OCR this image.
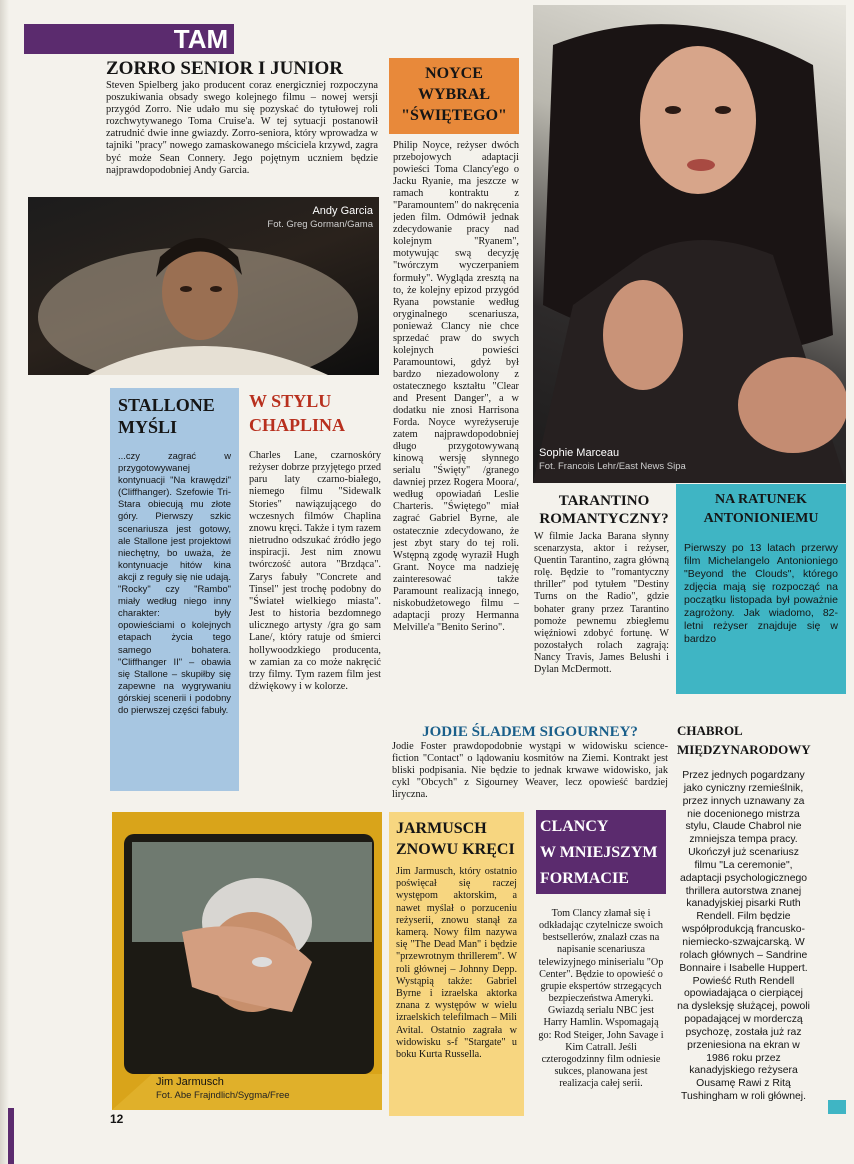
TAM
ZORRO SENIOR I JUNIOR
Steven Spielberg jako producent coraz energiczniej rozpoczyna poszukiwania obsady swego kolejnego filmu – nowej wersji przygód Zorro. Nie udało mu się pozyskać do tytułowej roli rozchwytywanego Toma Cruise'a. W tej sytuacji postanowił zatrudnić dwie inne gwiazdy. Zorro-seniora, który wprowadza w tajniki "pracy" nowego zamaskowanego mściciela krzywd, zagra być może Sean Connery. Jego pojętnym uczniem będzie najprawdopodobniej Andy Garcia.
Andy Garcia
Fot. Greg Gorman/Gama
NOYCE
WYBRAŁ
"ŚWIĘTEGO"
Philip Noyce, reżyser dwóch przebojowych adaptacji powieści Toma Clancy'ego o Jacku Ryanie, ma jeszcze w ramach kontraktu z "Paramountem" do nakręcenia jeden film. Odmówił jednak zdecydowanie pracy nad kolejnym "Ryanem", motywując swą decyzję "twórczym wyczerpaniem formuły". Wygląda zresztą na to, że kolejny epizod przygód Ryana powstanie według oryginalnego scenariusza, ponieważ Clancy nie chce sprzedać praw do swych kolejnych powieści Paramountowi, gdyż był bardzo niezadowolony z ostatecznego kształtu "Clear and Present Danger", a w dodatku nie znosi Harrisona Forda. Noyce wyreżyseruje zatem najprawdopodobniej długo przygotowywaną kinową wersję słynnego serialu "Święty" /granego dawniej przez Rogera Moora/, według opowiadań Leslie Charteris. "Świętego" miał zagrać Gabriel Byrne, ale ostatecznie zdecydowano, że jest zbyt stary do tej roli. Wstępną zgodę wyraził Hugh Grant. Noyce ma nadzieję zainteresować także Paramount realizacją innego, niskobudżetowego filmu – adaptacji prozy Hermanna Melville'a "Benito Serino".
Sophie Marceau
Fot. Francois Lehr/East News Sipa
STALLONE
MYŚLI
...czy zagrać w przygotowywanej kontynuacji "Na krawędzi" (Cliffhanger). Szefowie Tri-Stara obiecują mu złote góry. Pierwszy szkic scenariusza jest gotowy, ale Stallone jest projektowi niechętny, bo uważa, że kontynuacje hitów kina akcji z reguły się nie udają. "Rocky" czy "Rambo" miały według niego inny charakter: były opowieściami o kolejnych etapach życia tego samego bohatera. "Cliffhanger II" – obawia się Stallone – skupiłby się zapewne na wygrywaniu górskiej scenerii i podobny do pierwszej części fabuły.
W STYLU
CHAPLINA
Charles Lane, czarnoskóry reżyser dobrze przyjętego przed paru laty czarno-białego, niemego filmu "Sidewalk Stories" nawiązującego do wczesnych filmów Chaplina znowu kręci. Także i tym razem nietrudno odszukać źródło jego inspiracji. Jest nim znowu twórczość autora "Brzdąca". Zarys fabuły "Concrete and Tinsel" jest trochę podobny do "Świateł wielkiego miasta". Jest to historia bezdomnego ulicznego artysty /gra go sam Lane/, który ratuje od śmierci hollywoodzkiego producenta, w zamian za co może nakręcić trzy filmy. Tym razem film jest dźwiękowy i w kolorze.
TARANTINO
ROMANTYCZNY?
W filmie Jacka Barana słynny scenarzysta, aktor i reżyser, Quentin Tarantino, zagra główną rolę. Będzie to "romantyczny thriller" pod tytułem "Destiny Turns on the Radio", gdzie bohater grany przez Tarantino pomoże pewnemu zbiegłemu więźniowi zdobyć fortunę. W pozostałych rolach zagrają: Nancy Travis, James Belushi i Dylan McDermott.
NA RATUNEK
ANTONIONIEMU
Pierwszy po 13 latach przerwy film Michelangelo Antonioniego "Beyond the Clouds", którego zdjęcia mają się rozpocząć na początku listopada był poważnie zagrożony. Jak wiadomo, 82-letni reżyser znajduje się w bardzo
JODIE ŚLADEM SIGOURNEY?
Jodie Foster prawdopodobnie wystąpi w widowisku science-fiction "Contact" o lądowaniu kosmitów na Ziemi. Kontrakt jest bliski podpisania. Nie będzie to jednak krwawe widowisko, jak cykl "Obcych" z Sigourney Weaver, lecz opowieść bardziej liryczna.
CHABROL
MIĘDZYNARODOWY
Przez jednych pogardzany jako cyniczny rzemieślnik, przez innych uznawany za nie docenionego mistrza stylu, Claude Chabrol nie zmniejsza tempa pracy. Ukończył już scenariusz filmu "La ceremonie", adaptacji psychologicznego thrillera autorstwa znanej kanadyjskiej pisarki Ruth Rendell. Film będzie współprodukcją francusko-niemiecko-szwajcarską. W rolach głównych – Sandrine Bonnaire i Isabelle Huppert. Powieść Ruth Rendell opowiadająca o cierpiącej na dysleksję służącej, powoli popadającej w morderczą psychozę, została już raz przeniesiona na ekran w 1986 roku przez kanadyjskiego reżysera Ousamę Rawi z Ritą Tushingham w roli głównej.
Jim Jarmusch
Fot. Abe Frajndlich/Sygma/Free
JARMUSCH
ZNOWU KRĘCI
Jim Jarmusch, który ostatnio poświęcał się raczej występom aktorskim, a nawet myślał o porzuceniu reżyserii, znowu stanął za kamerą. Nowy film nazywa się "The Dead Man" i będzie "przewrotnym thrillerem". W roli głównej – Johnny Depp. Wystąpią także: Gabriel Byrne i izraelska aktorka znana z występów w wielu izraelskich telefilmach – Mili Avital. Ostatnio zagrała w widowisku s-f "Stargate" u boku Kurta Russella.
CLANCY
W MNIEJSZYM
FORMACIE
Tom Clancy złamał się i odkładając czytelnicze swoich bestsellerów, znalazł czas na napisanie scenariusza telewizyjnego miniserialu "Op Center". Będzie to opowieść o grupie ekspertów strzegących bezpieczeństwa Ameryki. Gwiazdą serialu NBC jest Harry Hamlin. Wspomagają go: Rod Steiger, John Savage i Kim Catrall. Jeśli czterogodzinny film odniesie sukces, planowana jest realizacja całej serii.
12
